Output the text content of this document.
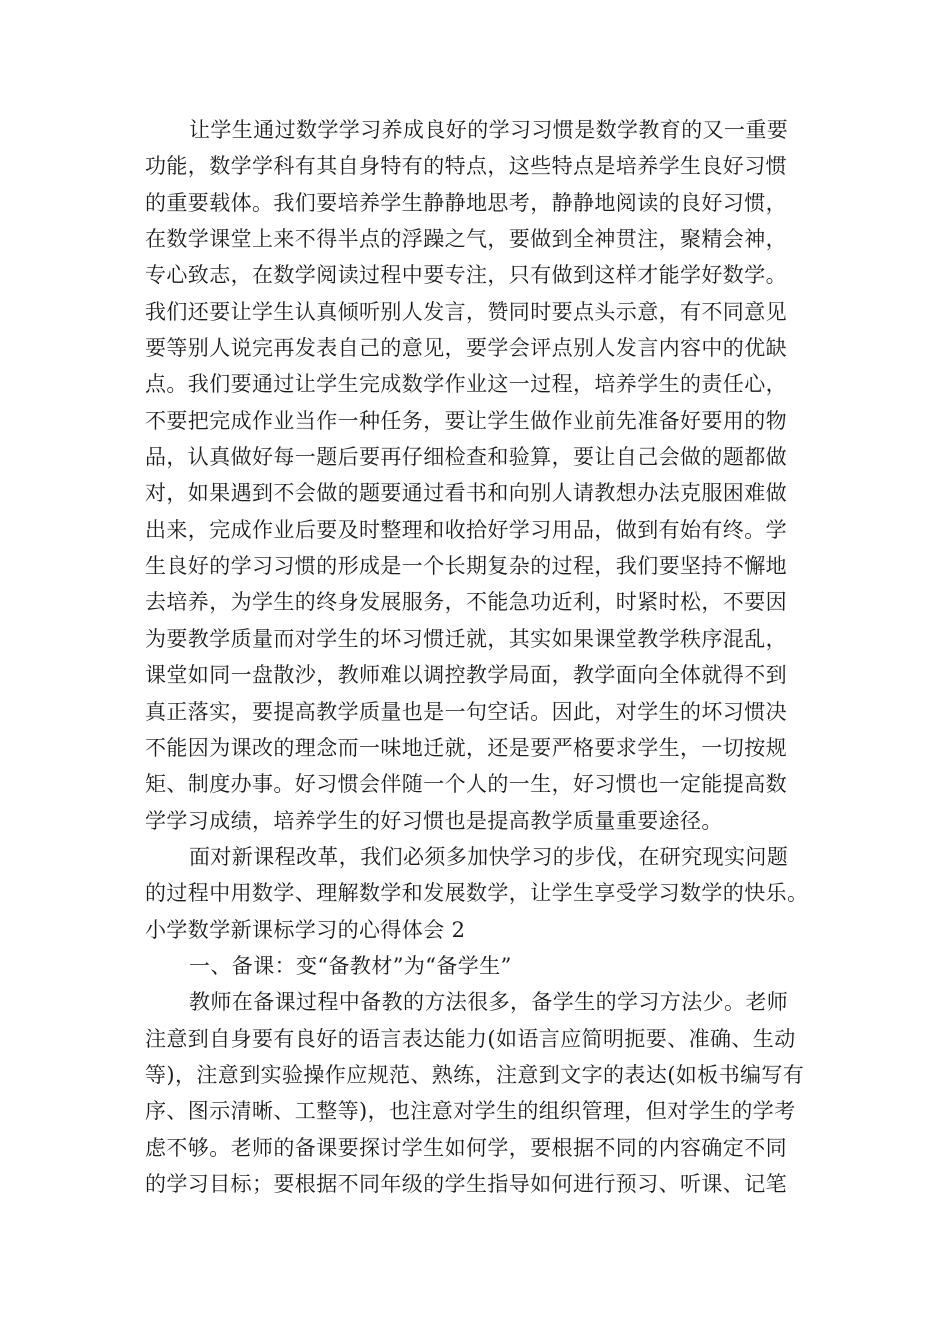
让学生通过数学学习养成良好的学习习惯是数学教育的又一重要
功能，数学学科有其自身特有的特点，这些特点是培养学生良好习惯
的重要载体。我们要培养学生静静地思考，静静地阅读的良好习惯，
在数学课堂上来不得半点的浮躁之气，要做到全神贯注，聚精会神，
专心致志，在数学阅读过程中要专注，只有做到这样才能学好数学。
我们还要让学生认真倾听别人发言，赞同时要点头示意，有不同意见
要等别人说完再发表自己的意见，要学会评点别人发言内容中的优缺
点。我们要通过让学生完成数学作业这一过程，培养学生的责任心，
不要把完成作业当作一种任务，要让学生做作业前先准备好要用的物
品，认真做好每一题后要再仔细检查和验算，要让自己会做的题都做
对，如果遇到不会做的题要通过看书和向别人请教想办法克服困难做
出来，完成作业后要及时整理和收拾好学习用品，做到有始有终。学
生良好的学习习惯的形成是一个长期复杂的过程，我们要坚持不懈地
去培养，为学生的终身发展服务，不能急功近利，时紧时松，不要因
为要教学质量而对学生的坏习惯迁就，其实如果课堂教学秩序混乱，
课堂如同一盘散沙，教师难以调控教学局面，教学面向全体就得不到
真正落实，要提高教学质量也是一句空话。因此，对学生的坏习惯决
不能因为课改的理念而一味地迁就，还是要严格要求学生，一切按规
矩、制度办事。好习惯会伴随一个人的一生，好习惯也一定能提高数
学学习成绩，培养学生的好习惯也是提高教学质量重要途径。
面对新课程改革，我们必须多加快学习的步伐，在研究现实问题
的过程中用数学、理解数学和发展数学，让学生享受学习数学的快乐。
小学数学新课标学习的心得体会 2
一、备课：变“备教材”为“备学生”
教师在备课过程中备教的方法很多，备学生的学习方法少。老师
注意到自身要有良好的语言表达能力(如语言应简明扼要、准确、生动
等)，注意到实验操作应规范、熟练，注意到文字的表达(如板书编写有
序、图示清晰、工整等)，也注意对学生的组织管理，但对学生的学考
虑不够。老师的备课要探讨学生如何学，要根据不同的内容确定不同
的学习目标；要根据不同年级的学生指导如何进行预习、听课、记笔
